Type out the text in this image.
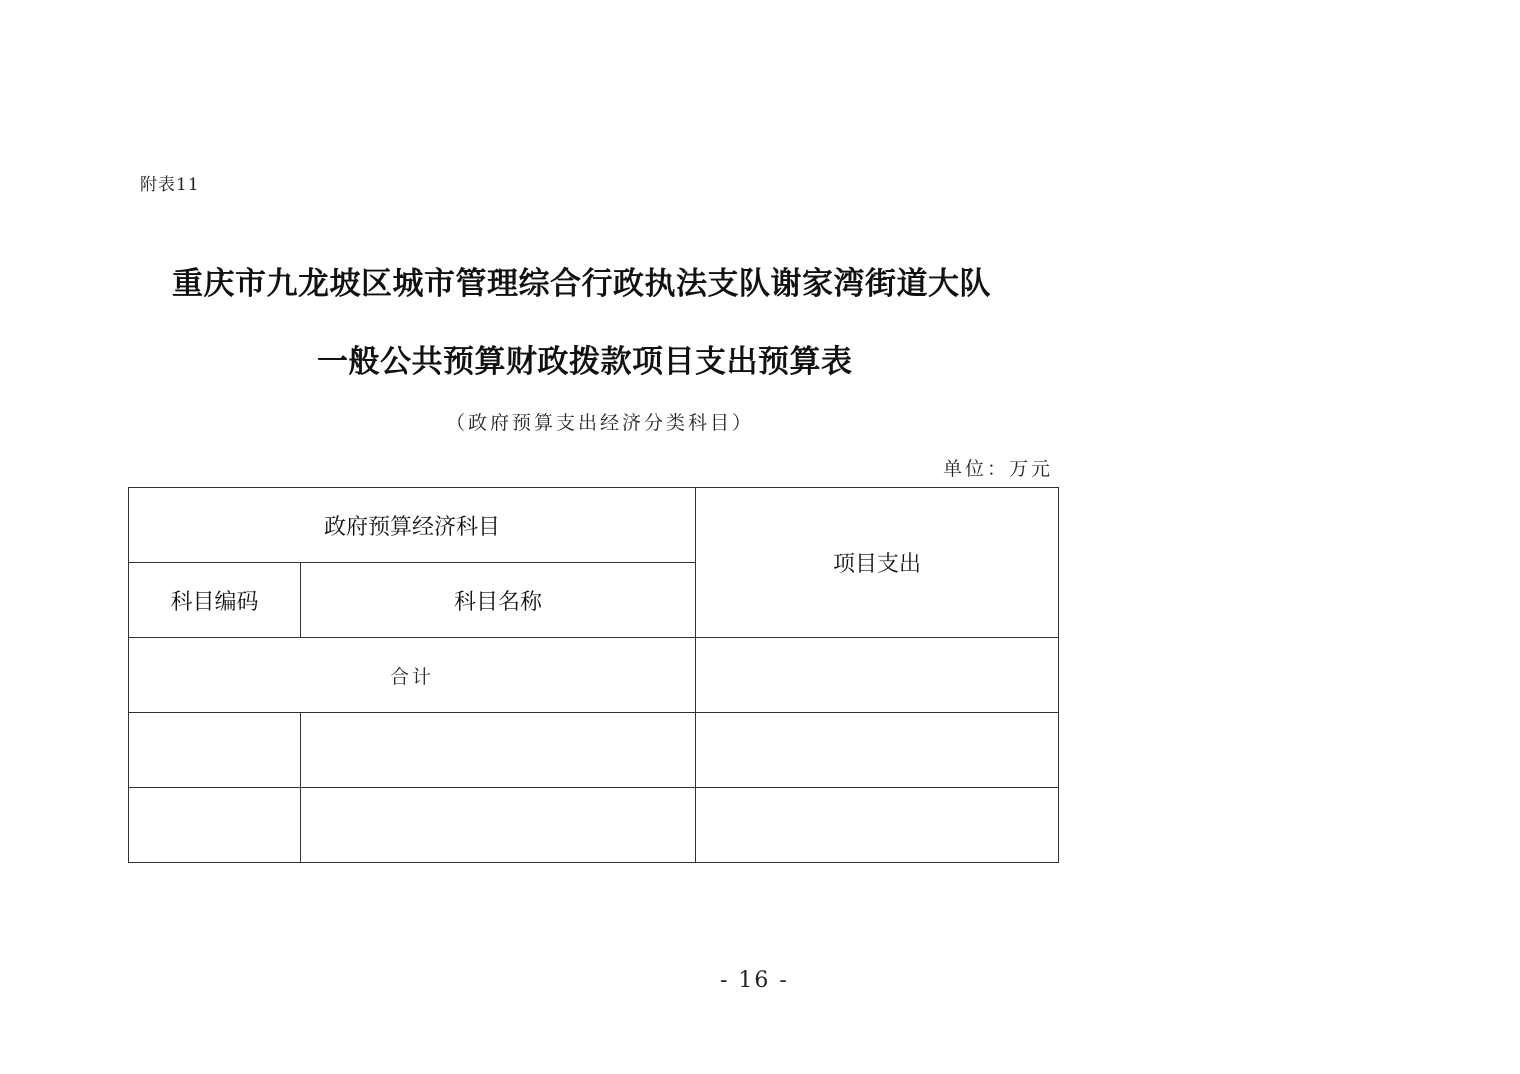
附表11
重庆市九龙坡区城市管理综合行政执法支队谢家湾街道大队
一般公共预算财政拨款项目支出预算表
（政府预算支出经济分类科目）
单位：万元
政府预算经济科目		项目支出
科目编码	科目名称	
合计		

- 16 -
